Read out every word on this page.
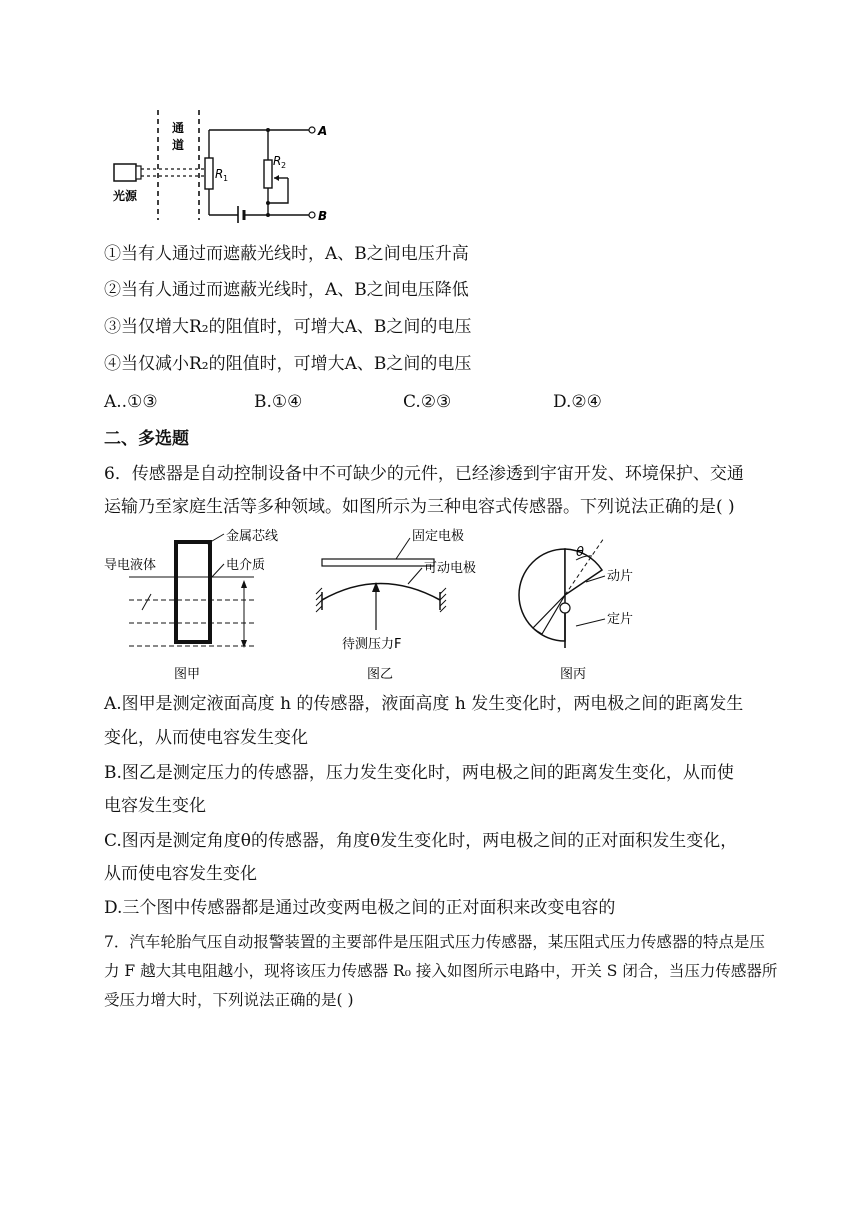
通
道
光源
R 1
A
R 2
B
①当有人通过而遮蔽光线时，A、B之间电压升高
②当有人通过而遮蔽光线时，A、B之间电压降低
③当仅增大R₂的阻值时，可增大A、B之间的电压
④当仅减小R₂的阻值时，可增大A、B之间的电压
A..①③	B.①④	C.②③	D.②④
二、多选题
6．传感器是自动控制设备中不可缺少的元件，已经渗透到宇宙开发、环境保护、交通
运输乃至家庭生活等多种领域。如图所示为三种电容式传感器。下列说法正确的是( )
金属芯线
导电液体	电介质
图甲
固定电极
可动电极
待测压力F
图乙
θ
动片
定片
图丙
A.图甲是测定液面高度 h 的传感器，液面高度 h 发生变化时，两电极之间的距离发生
变化，从而使电容发生变化
B.图乙是测定压力的传感器，压力发生变化时，两电极之间的距离发生变化，从而使
电容发生变化
C.图丙是测定角度θ的传感器，角度θ发生变化时，两电极之间的正对面积发生变化，
从而使电容发生变化
D.三个图中传感器都是通过改变两电极之间的正对面积来改变电容的
7．汽车轮胎气压自动报警装置的主要部件是压阻式压力传感器，某压阻式压力传感器的特点是压
力 F 越大其电阻越小，现将该压力传感器 R₀ 接入如图所示电路中，开关 S 闭合，当压力传感器所
受压力增大时，下列说法正确的是( )
